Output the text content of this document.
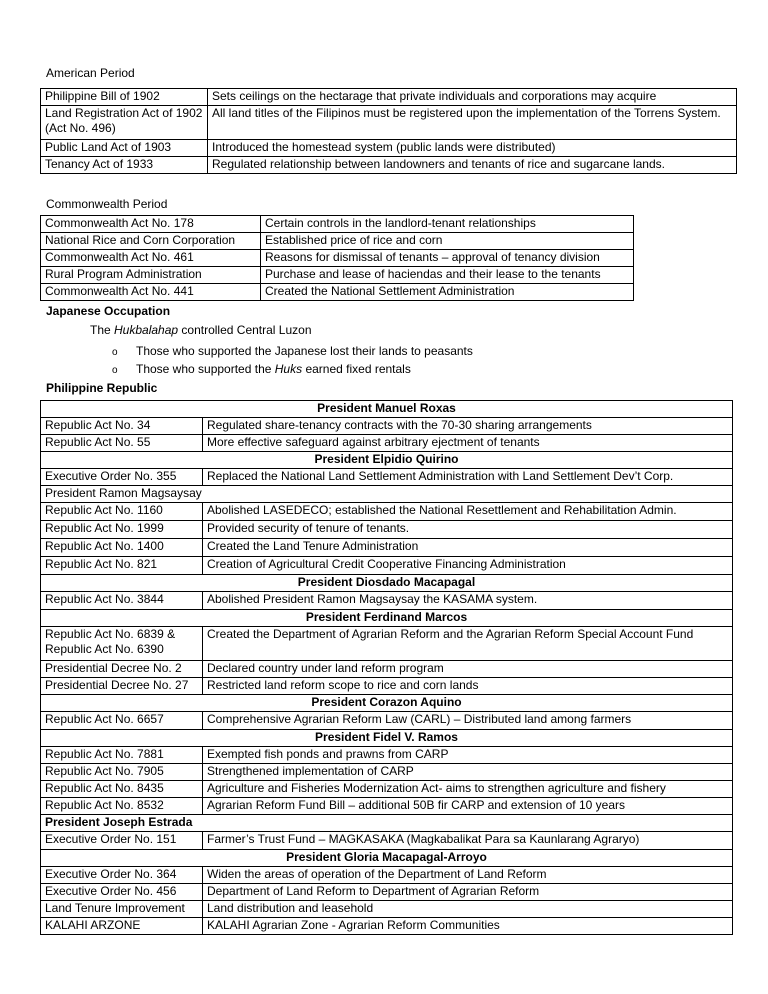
American Period
Philippine Bill of 1902	Sets ceilings on the hectarage that private individuals and corporations may acquire
Land Registration Act of 1902 (Act No. 496)	All land titles of the Filipinos must be registered upon the implementation of the Torrens System.
Public Land Act of 1903	Introduced the homestead system (public lands were distributed)
Tenancy Act of 1933	Regulated relationship between landowners and tenants of rice and sugarcane lands.
Commonwealth Period
Commonwealth Act No. 178	Certain controls in the landlord-tenant relationships
National Rice and Corn Corporation	Established price of rice and corn
Commonwealth Act No. 461	Reasons for dismissal of tenants – approval of tenancy division
Rural Program Administration	Purchase and lease of haciendas and their lease to the tenants
Commonwealth Act No. 441	Created the National Settlement Administration
Japanese Occupation
The Hukbalahap controlled Central Luzon
o Those who supported the Japanese lost their lands to peasants
o Those who supported the Huks earned fixed rentals
Philippine Republic
President Manuel Roxas	
Republic Act No. 34	Regulated share-tenancy contracts with the 70-30 sharing arrangements
Republic Act No. 55	More effective safeguard against arbitrary ejectment of tenants
President Elpidio Quirino	
Executive Order No. 355	Replaced the National Land Settlement Administration with Land Settlement Dev’t Corp.
President Ramon Magsaysay	
Republic Act No. 1160	Abolished LASEDECO; established the National Resettlement and Rehabilitation Admin.
Republic Act No. 1999	Provided security of tenure of tenants.
Republic Act No. 1400	Created the Land Tenure Administration
Republic Act No. 821	Creation of Agricultural Credit Cooperative Financing Administration
President Diosdado Macapagal	
Republic Act No. 3844	Abolished President Ramon Magsaysay the KASAMA system.
President Ferdinand Marcos	
Republic Act No. 6839 & Republic Act No. 6390	Created the Department of Agrarian Reform and the Agrarian Reform Special Account Fund
Presidential Decree No. 2	Declared country under land reform program
Presidential Decree No. 27	Restricted land reform scope to rice and corn lands
President Corazon Aquino	
Republic Act No. 6657	Comprehensive Agrarian Reform Law (CARL) – Distributed land among farmers
President Fidel V. Ramos	
Republic Act No. 7881	Exempted fish ponds and prawns from CARP
Republic Act No. 7905	Strengthened implementation of CARP
Republic Act No. 8435	Agriculture and Fisheries Modernization Act- aims to strengthen agriculture and fishery
Republic Act No. 8532	Agrarian Reform Fund Bill – additional 50B fir CARP and extension of 10 years
President Joseph Estrada	
Executive Order No. 151	Farmer’s Trust Fund – MAGKASAKA (Magkabalikat Para sa Kaunlarang Agraryo)
President Gloria Macapagal-Arroyo	
Executive Order No. 364	Widen the areas of operation of the Department of Land Reform
Executive Order No. 456	Department of Land Reform to Department of Agrarian Reform
Land Tenure Improvement	Land distribution and leasehold
KALAHI ARZONE	KALAHI Agrarian Zone - Agrarian Reform Communities
